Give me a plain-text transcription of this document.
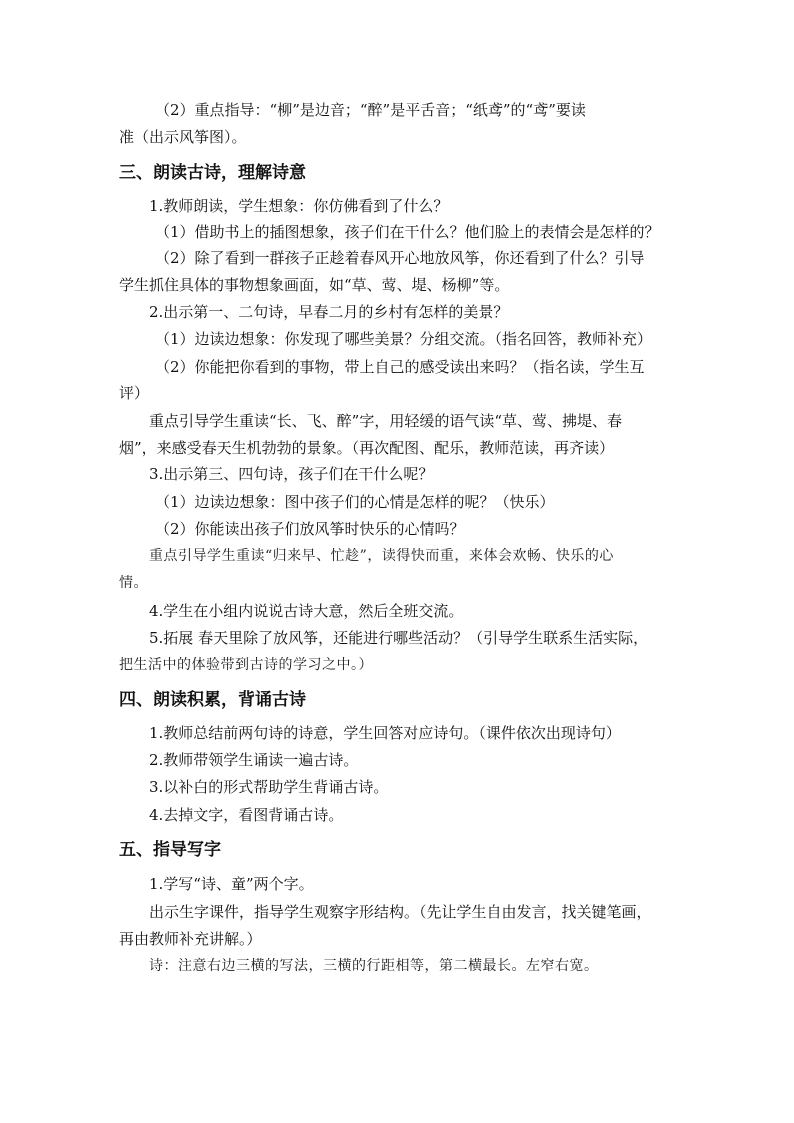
（2）重点指导：“柳”是边音；“醉”是平舌音；“纸鸢”的“鸢”要读
准（出示风筝图）。
三、朗读古诗，理解诗意
1.教师朗读，学生想象：你仿佛看到了什么？
（1）借助书上的插图想象，孩子们在干什么？他们脸上的表情会是怎样的？
（2）除了看到一群孩子正趁着春风开心地放风筝，你还看到了什么？引导
学生抓住具体的事物想象画面，如“草、莺、堤、杨柳”等。
2.出示第一、二句诗，早春二月的乡村有怎样的美景？
（1）边读边想象：你发现了哪些美景？分组交流。（指名回答，教师补充）
（2）你能把你看到的事物，带上自己的感受读出来吗？（指名读，学生互
评）
重点引导学生重读“长、飞、醉”字，用轻缓的语气读“草、莺、拂堤、春
烟”，来感受春天生机勃勃的景象。（再次配图、配乐，教师范读，再齐读）
3.出示第三、四句诗，孩子们在干什么呢？
（1）边读边想象：图中孩子们的心情是怎样的呢？（快乐）
（2）你能读出孩子们放风筝时快乐的心情吗？
重点引导学生重读“归来早、忙趁”，读得快而重，来体会欢畅、快乐的心
情。
4.学生在小组内说说古诗大意，然后全班交流。
5.拓展 春天里除了放风筝，还能进行哪些活动？（引导学生联系生活实际，
把生活中的体验带到古诗的学习之中。）
四、朗读积累，背诵古诗
1.教师总结前两句诗的诗意，学生回答对应诗句。（课件依次出现诗句）
2.教师带领学生诵读一遍古诗。
3.以补白的形式帮助学生背诵古诗。
4.去掉文字，看图背诵古诗。
五、指导写字
1.学写“诗、童”两个字。
出示生字课件，指导学生观察字形结构。（先让学生自由发言，找关键笔画，
再由教师补充讲解。）
诗：注意右边三横的写法，三横的行距相等，第二横最长。左窄右宽。
